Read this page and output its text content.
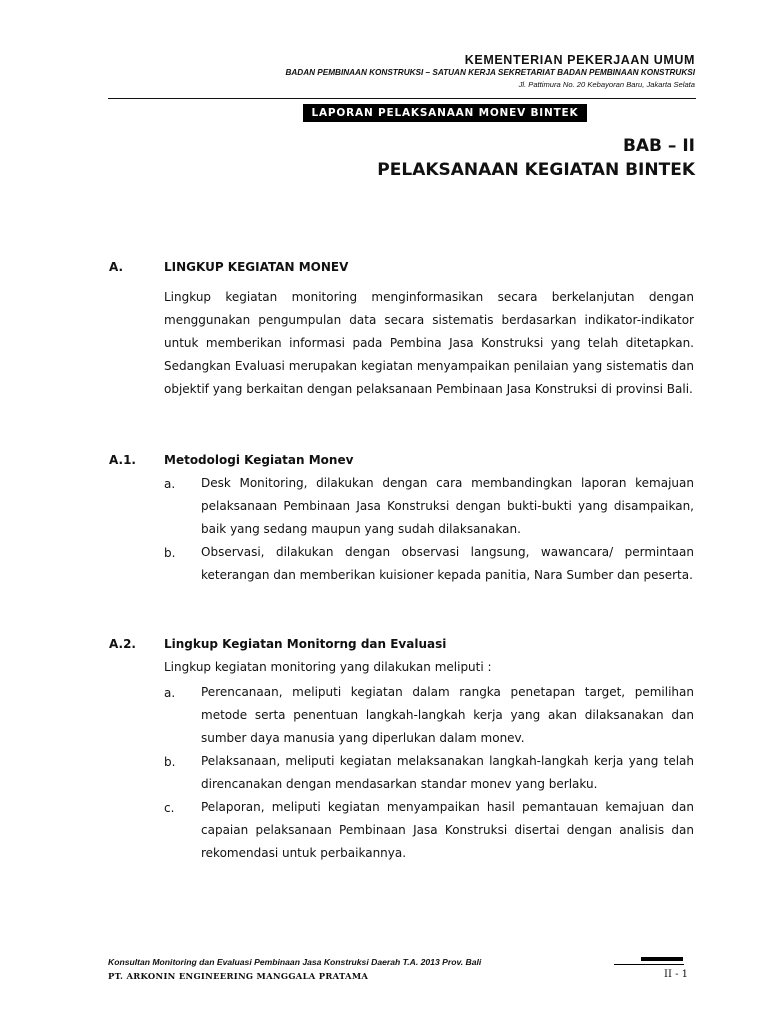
KEMENTERIAN PEKERJAAN UMUM
BADAN PEMBINAAN KONSTRUKSI – SATUAN KERJA SEKRETARIAT BADAN PEMBINAAN KONSTRUKSI
Jl. Pattimura No. 20 Kebayoran Baru, Jakarta Selata
LAPORAN PELAKSANAAN MONEV BINTEK
BAB – II
PELAKSANAAN KEGIATAN BINTEK
A.	LINGKUP KEGIATAN MONEV
Lingkup kegiatan monitoring menginformasikan secara berkelanjutan dengan menggunakan pengumpulan data secara sistematis berdasarkan indikator-indikator untuk memberikan informasi pada Pembina Jasa Konstruksi yang telah ditetapkan. Sedangkan Evaluasi merupakan kegiatan menyampaikan penilaian yang sistematis dan objektif yang berkaitan dengan pelaksanaan Pembinaan Jasa Konstruksi di provinsi Bali.
A.1. Metodologi Kegiatan Monev
a. Desk Monitoring, dilakukan dengan cara membandingkan laporan kemajuan pelaksanaan Pembinaan Jasa Konstruksi dengan bukti-bukti yang disampaikan, baik yang sedang maupun yang sudah dilaksanakan.
b. Observasi, dilakukan dengan observasi langsung, wawancara/ permintaan keterangan dan memberikan kuisioner kepada panitia, Nara Sumber dan peserta.
A.2. Lingkup Kegiatan Monitorng dan Evaluasi
Lingkup kegiatan monitoring yang dilakukan meliputi :
a. Perencanaan, meliputi kegiatan dalam rangka penetapan target, pemilihan metode serta penentuan langkah-langkah kerja yang akan dilaksanakan dan sumber daya manusia yang diperlukan dalam monev.
b. Pelaksanaan, meliputi kegiatan melaksanakan langkah-langkah kerja yang telah direncanakan dengan mendasarkan standar monev yang berlaku.
c. Pelaporan, meliputi kegiatan menyampaikan hasil pemantauan kemajuan dan capaian pelaksanaan Pembinaan Jasa Konstruksi disertai dengan analisis dan rekomendasi untuk perbaikannya.
Konsultan Monitoring dan Evaluasi Pembinaan Jasa Konstruksi Daerah T.A. 2013 Prov. Bali
PT. ARKONIN ENGINEERING MANGGALA PRATAMA	II - 1
